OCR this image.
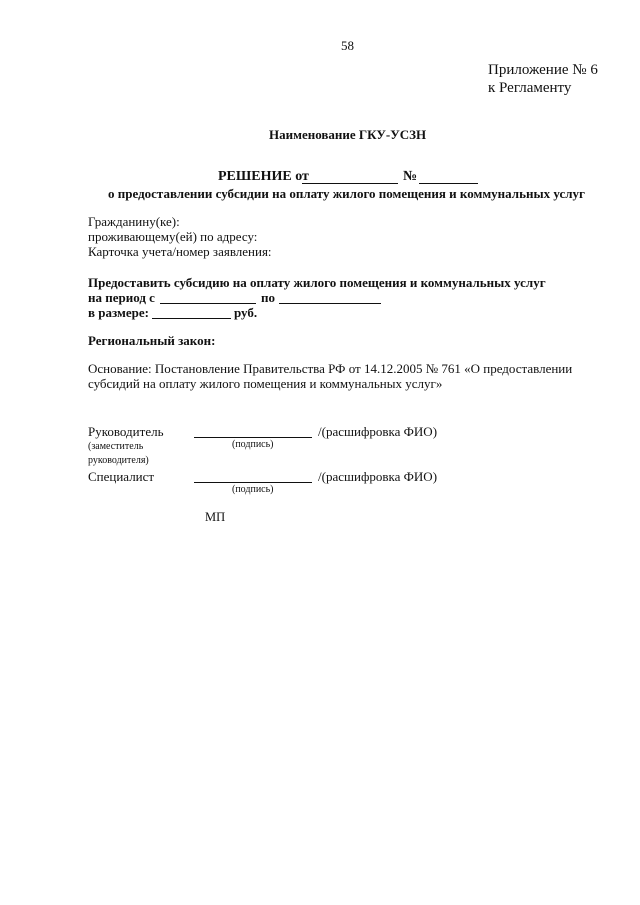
58
Приложение № 6
к Регламенту
Наименование ГКУ-УСЗН
РЕШЕНИЕ от	№
о предоставлении субсидии на оплату жилого помещения и коммунальных услуг
Гражданину(ке):
проживающему(ей) по адресу:
Карточка учета/номер заявления:
Предоставить субсидию на оплату жилого помещения и коммунальных услуг
на период с	по
в размере:	руб.
Региональный закон:
Основание: Постановление Правительства РФ от 14.12.2005 № 761 «О предоставлении
субсидий на оплату жилого помещения и коммунальных услуг»
Руководитель	/(расшифровка ФИО)
(подпись)
(заместитель
руководителя)
Специалист	/(расшифровка ФИО)
(подпись)
МП
